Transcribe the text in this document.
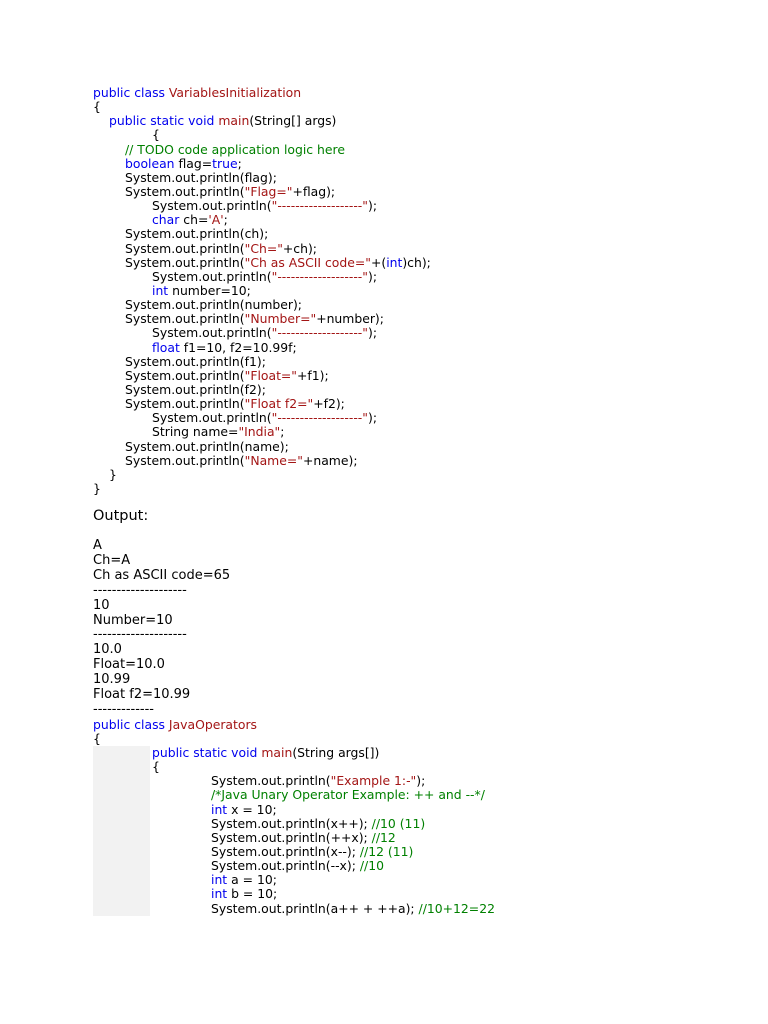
public class VariablesInitialization
{
public static void main(String[] args)
{
// TODO code application logic here
boolean flag=true;
System.out.println(flag);
System.out.println("Flag="+flag);
System.out.println("-------------------");
char ch='A';
System.out.println(ch);
System.out.println("Ch="+ch);
System.out.println("Ch as ASCII code="+(int)ch);
System.out.println("-------------------");
int number=10;
System.out.println(number);
System.out.println("Number="+number);
System.out.println("-------------------");
float f1=10, f2=10.99f;
System.out.println(f1);
System.out.println("Float="+f1);
System.out.println(f2);
System.out.println("Float f2="+f2);
System.out.println("-------------------");
String name="India";
System.out.println(name);
System.out.println("Name="+name);
}
}
Output:
A
Ch=A
Ch as ASCII code=65
--------------------
10
Number=10
--------------------
10.0
Float=10.0
10.99
Float f2=10.99
-------------
public class JavaOperators
{
public static void main(String args[])
{
System.out.println("Example 1:-");
/*Java Unary Operator Example: ++ and --*/
int x = 10;
System.out.println(x++); //10 (11)
System.out.println(++x); //12
System.out.println(x--); //12 (11)
System.out.println(--x); //10
int a = 10;
int b = 10;
System.out.println(a++ + ++a); //10+12=22
